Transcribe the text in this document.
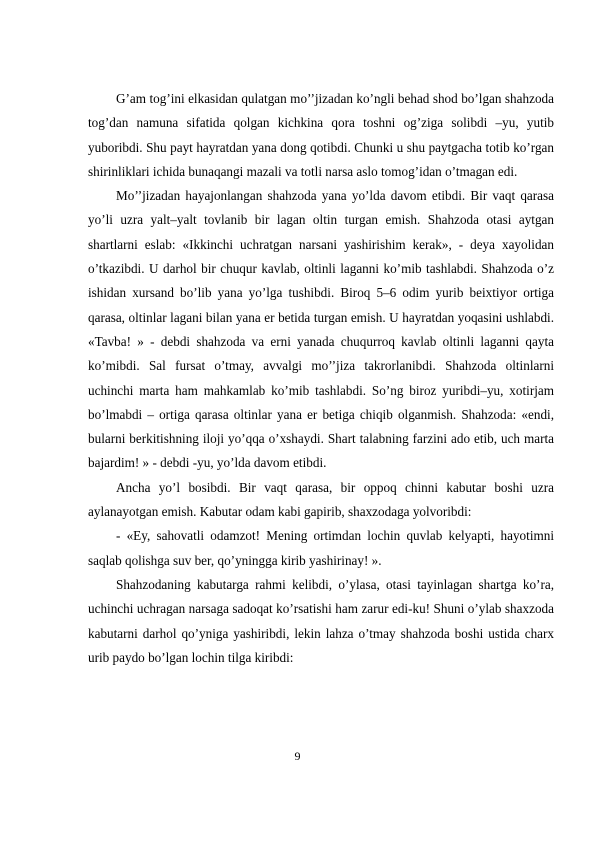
G’am tog’ini elkasidan qulatgan mo’’jizadan ko’ngli behad shod bo’lgan shahzoda tog’dan namuna sifatida qolgan kichkina qora toshni og’ziga solibdi –yu, yutib yuboribdi. Shu payt hayratdan yana dong qotibdi. Chunki u shu paytgacha totib ko’rgan shirinliklari ichida bunaqangi mazali va totli narsa aslo tomog’idan o’tmagan edi.

Mo’’jizadan hayajonlangan shahzoda yana yo’lda davom etibdi. Bir vaqt qarasa yo’li uzra yalt–yalt tovlanib bir lagan oltin turgan emish. Shahzoda otasi aytgan shartlarni eslab: «Ikkinchi uchratgan narsani yashirishim kerak», - deya xayolidan o’tkazibdi. U darhol bir chuqur kavlab, oltinli laganni ko’mib tashlabdi. Shahzoda o’z ishidan xursand bo’lib yana yo’lga tushibdi. Biroq 5–6 odim yurib beixtiyor ortiga qarasa, oltinlar lagani bilan yana er betida turgan emish. U hayratdan yoqasini ushlabdi. «Tavba! » - debdi shahzoda va erni yanada chuqurroq kavlab oltinli laganni qayta ko’mibdi. Sal fursat o’tmay, avvalgi mo’’jiza takrorlanibdi. Shahzoda oltinlarni uchinchi marta ham mahkamlab ko’mib tashlabdi. So’ng biroz yuribdi–yu, xotirjam bo’lmabdi – ortiga qarasa oltinlar yana er betiga chiqib olganmish. Shahzoda: «endi, bularni berkitishning iloji yo’qqa o’xshaydi. Shart talabning farzini ado etib, uch marta bajardim! » - debdi -yu, yo’lda davom etibdi.

Ancha yo’l bosibdi. Bir vaqt qarasa, bir oppoq chinni kabutar boshi uzra aylanayotgan emish. Kabutar odam kabi gapirib, shaxzodaga yolvoribdi:

- «Ey, sahovatli odamzot! Mening ortimdan lochin quvlab kelyapti, hayotimni saqlab qolishga suv ber, qo’yningga kirib yashirinay! ».

Shahzodaning kabutarga rahmi kelibdi, o’ylasa, otasi tayinlagan shartga ko’ra, uchinchi uchragan narsaga sadoqat ko’rsatishi ham zarur edi-ku! Shuni o’ylab shaxzoda kabutarni darhol qo’yniga yashiribdi, lekin lahza o’tmay shahzoda boshi ustida charx urib paydo bo’lgan lochin tilga kiribdi:

9
